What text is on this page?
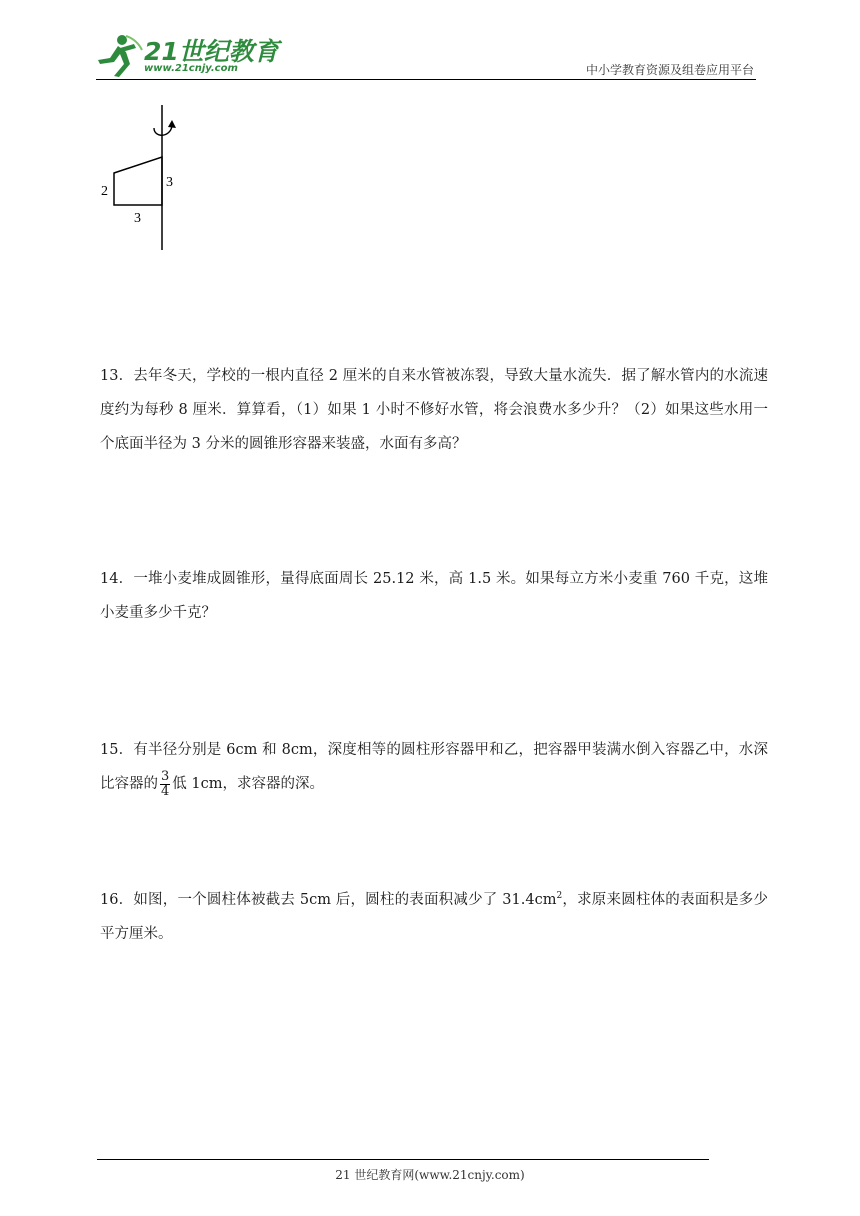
21世纪教育
www.21cnjy.com	中小学教育资源及组卷应用平台
2
3
3
13．去年冬天，学校的一根内直径 2 厘米的自来水管被冻裂，导致大量水流失．据了解水管内的水流速度约为每秒 8 厘米．算算看，（1）如果 1 小时不修好水管，将会浪费水多少升？（2）如果这些水用一个底面半径为 3 分米的圆锥形容器来装盛，水面有多高？
14．一堆小麦堆成圆锥形，量得底面周长 25.12 米，高 1.5 米。如果每立方米小麦重 760 千克，这堆小麦重多少千克？
15．有半径分别是 6cm 和 8cm，深度相等的圆柱形容器甲和乙，把容器甲装满水倒入容器乙中，水深比容器的 $\frac{3}{4}$ 低 1cm，求容器的深。
16．如图，一个圆柱体被截去 5cm 后，圆柱的表面积减少了 $31.4cm^2$，求原来圆柱体的表面积是多少平方厘米。
21 世纪教育网(www.21cnjy.com)
